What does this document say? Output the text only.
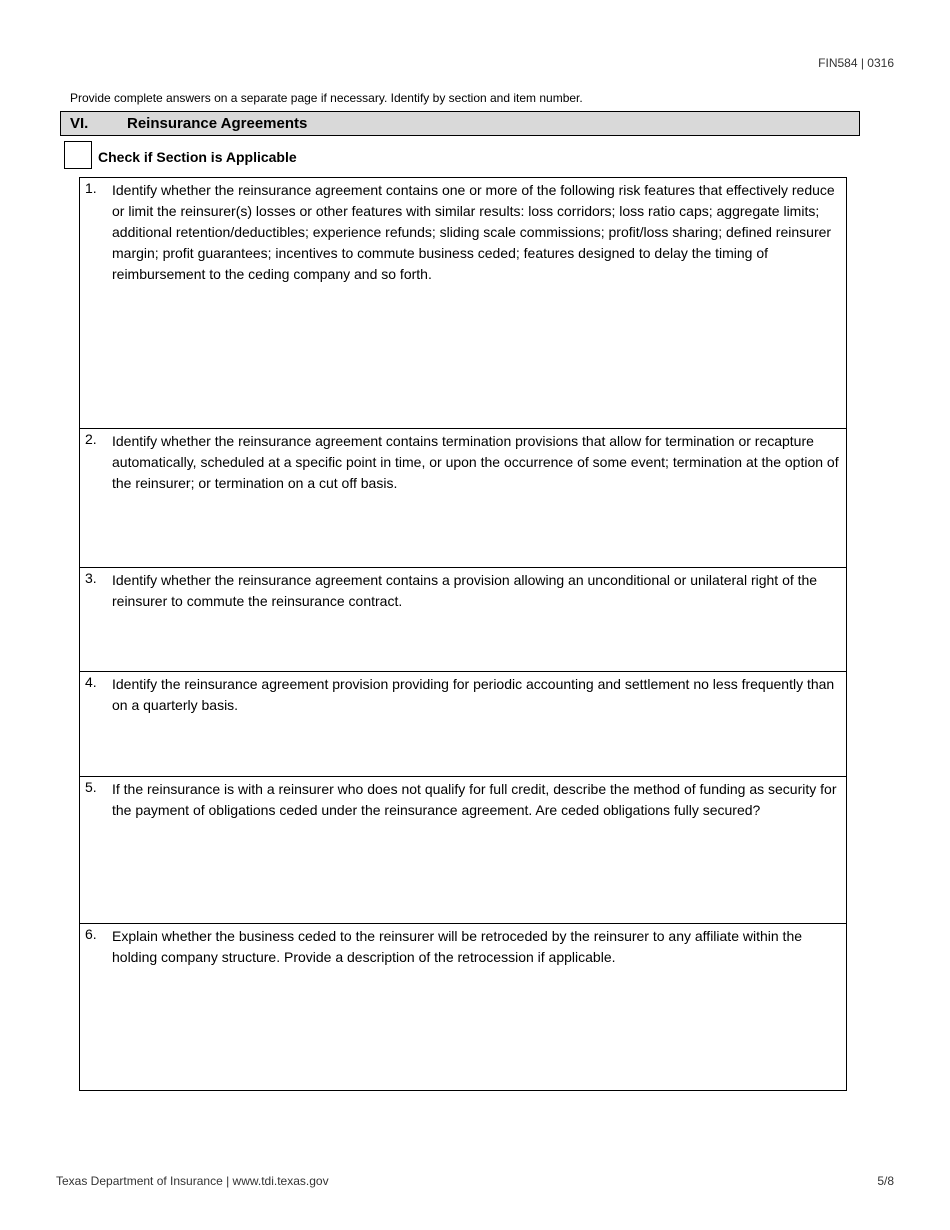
FIN584 | 0316
Provide complete answers on a separate page if necessary. Identify by section and item number.
VI.	Reinsurance Agreements
Check if Section is Applicable
1. Identify whether the reinsurance agreement contains one or more of the following risk features that effectively reduce or limit the reinsurer(s) losses or other features with similar results: loss corridors; loss ratio caps; aggregate limits; additional retention/deductibles; experience refunds; sliding scale commissions; profit/loss sharing; defined reinsurer margin; profit guarantees; incentives to commute business ceded; features designed to delay the timing of reimbursement to the ceding company and so forth.

2. Identify whether the reinsurance agreement contains termination provisions that allow for termination or recapture automatically, scheduled at a specific point in time, or upon the occurrence of some event; termination at the option of the reinsurer; or termination on a cut off basis.

3. Identify whether the reinsurance agreement contains a provision allowing an unconditional or unilateral right of the reinsurer to commute the reinsurance contract.

4. Identify the reinsurance agreement provision providing for periodic accounting and settlement no less frequently than on a quarterly basis.

5. If the reinsurance is with a reinsurer who does not qualify for full credit, describe the method of funding as security for the payment of obligations ceded under the reinsurance agreement. Are ceded obligations fully secured?

6. Explain whether the business ceded to the reinsurer will be retroceded by the reinsurer to any affiliate within the holding company structure. Provide a description of the retrocession if applicable.

Texas Department of Insurance | www.tdi.texas.gov	5/8
